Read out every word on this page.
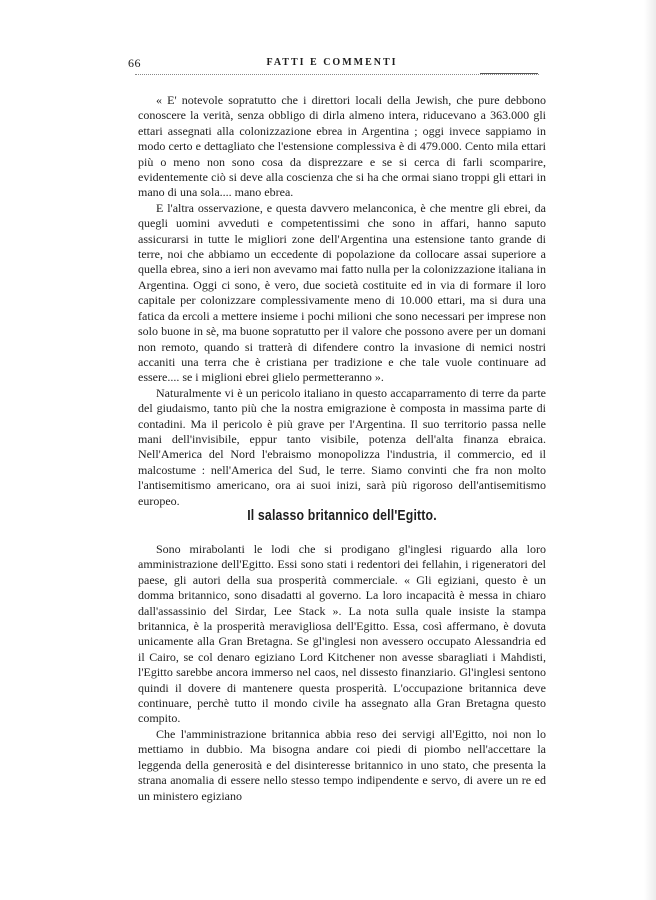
66	FATTI E COMMENTI

« E' notevole sopratutto che i direttori locali della Jewish, che pure debbono conoscere la verità, senza obbligo di dirla almeno intera, riducevano a 363.000 gli ettari assegnati alla colonizzazione ebrea in Argentina ; oggi invece sappiamo in modo certo e dettagliato che l'estensione complessiva è di 479.000. Cento mila ettari più o meno non sono cosa da disprezzare e se si cerca di farli scomparire, evidentemente ciò si deve alla coscienza che si ha che ormai siano troppi gli ettari in mano di una sola.... mano ebrea.

E l'altra osservazione, e questa davvero melanconica, è che mentre gli ebrei, da quegli uomini avveduti e competentissimi che sono in affari, hanno saputo assicurarsi in tutte le migliori zone dell'Argentina una estensione tanto grande di terre, noi che abbiamo un eccedente di popolazione da collocare assai superiore a quella ebrea, sino a ieri non avevamo mai fatto nulla per la colonizzazione italiana in Argentina. Oggi ci sono, è vero, due società costituite ed in via di formare il loro capitale per colonizzare complessivamente meno di 10.000 ettari, ma si dura una fatica da ercoli a mettere insieme i pochi milioni che sono necessari per imprese non solo buone in sè, ma buone sopratutto per il valore che possono avere per un domani non remoto, quando si tratterà di difendere contro la invasione di nemici nostri accaniti una terra che è cristiana per tradizione e che tale vuole continuare ad essere.... se i miglioni ebrei glielo permetteranno ».

Naturalmente vi è un pericolo italiano in questo accaparramento di terre da parte del giudaismo, tanto più che la nostra emigrazione è composta in massima parte di contadini. Ma il pericolo è più grave per l'Argentina. Il suo territorio passa nelle mani dell'invisibile, eppur tanto visibile, potenza dell'alta finanza ebraica. Nell'America del Nord l'ebraismo monopolizza l'industria, il commercio, ed il malcostume : nell'America del Sud, le terre. Siamo convinti che fra non molto l'antisemitismo americano, ora ai suoi inizi, sarà più rigoroso dell'antisemitismo europeo.

Il salasso britannico dell'Egitto.

Sono mirabolanti le lodi che si prodigano gl'inglesi riguardo alla loro amministrazione dell'Egitto. Essi sono stati i redentori dei fellahin, i rigeneratori del paese, gli autori della sua prosperità commerciale. « Gli egiziani, questo è un domma britannico, sono disadatti al governo. La loro incapacità è messa in chiaro dall'assassinio del Sirdar, Lee Stack ». La nota sulla quale insiste la stampa britannica, è la prosperità meravigliosa dell'Egitto. Essa, così affermano, è dovuta unicamente alla Gran Bretagna. Se gl'inglesi non avessero occupato Alessandria ed il Cairo, se col denaro egiziano Lord Kitchener non avesse sbaragliati i Mahdisti, l'Egitto sarebbe ancora immerso nel caos, nel dissesto finanziario. Gl'inglesi sentono quindi il dovere di mantenere questa prosperità. L'occupazione britannica deve continuare, perchè tutto il mondo civile ha assegnato alla Gran Bretagna questo compito.

Che l'amministrazione britannica abbia reso dei servigi all'Egitto, noi non lo mettiamo in dubbio. Ma bisogna andare coi piedi di piombo nell'accettare la leggenda della generosità e del disinteresse britannico in uno stato, che presenta la strana anomalia di essere nello stesso tempo indipendente e servo, di avere un re ed un ministero egiziano
